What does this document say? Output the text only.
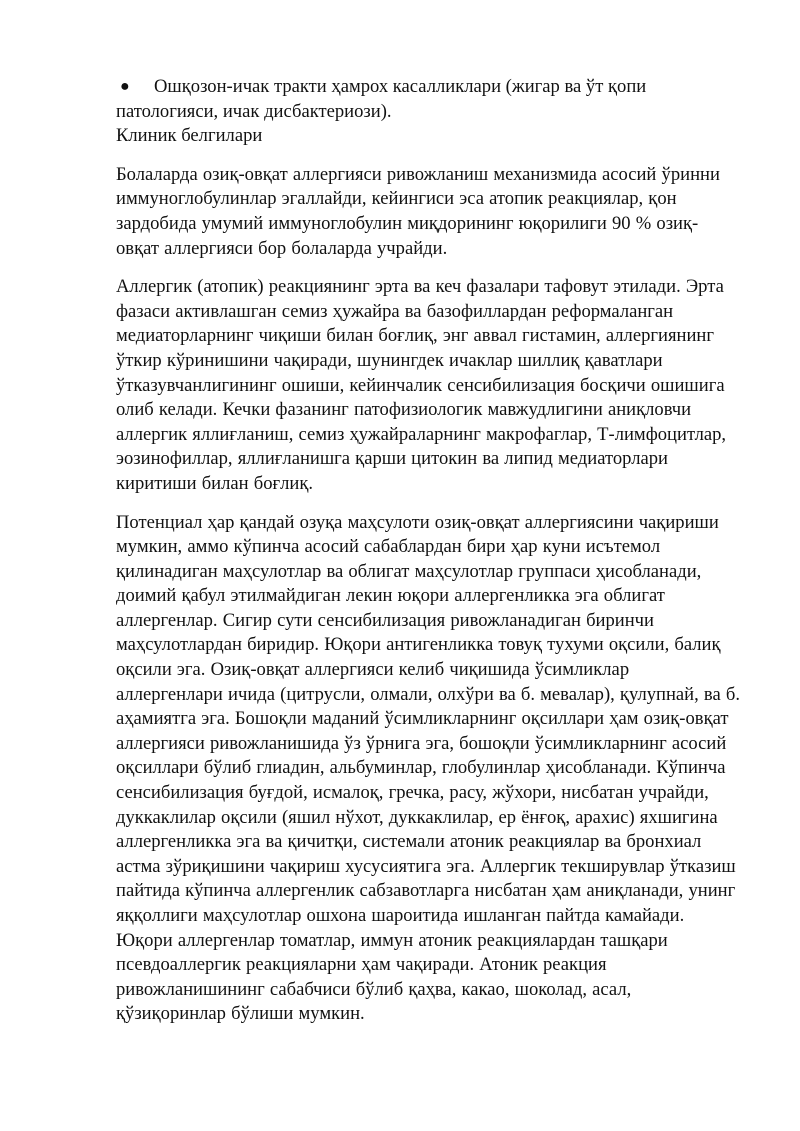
● Ошқозон-ичак тракти ҳамрох касалликлари (жигар ва ўт қопи
патологияси, ичак дисбактериози).
Клиник белгилари

Болаларда озиқ-овқат аллергияси ривожланиш механизмида асосий ўринни
иммуноглобулинлар эгаллайди, кейингиси эса атопик реакциялар, қон
зардобида умумий иммуноглобулин миқдорининг юқорилиги 90 % озиқ-
овқат аллергияси бор болаларда учрайди.

Аллергик (атопик) реакциянинг эрта ва кеч фазалари тафовут этилади. Эрта
фазаси активлашган семиз ҳужайра ва базофиллардан реформаланган
медиаторларнинг чиқиши билан боғлиқ, энг аввал гистамин, аллергиянинг
ўткир кўринишини чақиради, шунингдек ичаклар шиллиқ қаватлари
ўтказувчанлигининг ошиши, кейинчалик сенсибилизация босқичи ошишига
олиб келади. Кечки фазанинг патофизиологик мавжудлигини аниқловчи
аллергик яллиғланиш, семиз ҳужайраларнинг макрофаглар, Т-лимфоцитлар,
эозинофиллар, яллиғланишга қарши цитокин ва липид медиаторлари
киритиши билан боғлиқ.

Потенциал ҳар қандай озуқа маҳсулоти озиқ-овқат аллергиясини чақириши
мумкин, аммо кўпинча асосий сабаблардан бири ҳар куни исътемол
қилинадиган маҳсулотлар ва облигат маҳсулотлар группаси ҳисобланади,
доимий қабул этилмайдиган лекин юқори аллергенликка эга облигат
аллергенлар. Сигир сути сенсибилизация ривожланадиган биринчи
маҳсулотлардан биридир. Юқори антигенликка товуқ тухуми оқсили, балиқ
оқсили эга. Озиқ-овқат аллергияси келиб чиқишида ўсимликлар
аллергенлари ичида (цитрусли, олмали, олхўри ва б. мевалар), қулупнай, ва б.
аҳамиятга эга. Бошоқли маданий ўсимликларнинг оқсиллари ҳам озиқ-овқат
аллергияси ривожланишида ўз ўрнига эга, бошоқли ўсимликларнинг асосий
оқсиллари бўлиб глиадин, альбуминлар, глобулинлар ҳисобланади. Кўпинча
сенсибилизация буғдой, исмалоқ, гречка, расу, жўхори, нисбатан учрайди,
дуккаклилар оқсили (яшил нўхот, дуккаклилар, ер ёнғоқ, арахис) яхшигина
аллергенликка эга ва қичитқи, системали атоник реакциялар ва бронхиал
астма зўриқишини чақириш хусусиятига эга. Аллергик текширувлар ўтказиш
пайтида кўпинча аллергенлик сабзавотларга нисбатан ҳам аниқланади, унинг
яққоллиги маҳсулотлар ошхона шароитида ишланган пайтда камайади.
Юқори аллергенлар томатлар, иммун атоник реакциялардан ташқари
псевдоаллергик реакцияларни ҳам чақиради. Атоник реакция
ривожланишининг сабабчиси бўлиб қаҳва, какао, шоколад, асал,
қўзиқоринлар бўлиши мумкин.
